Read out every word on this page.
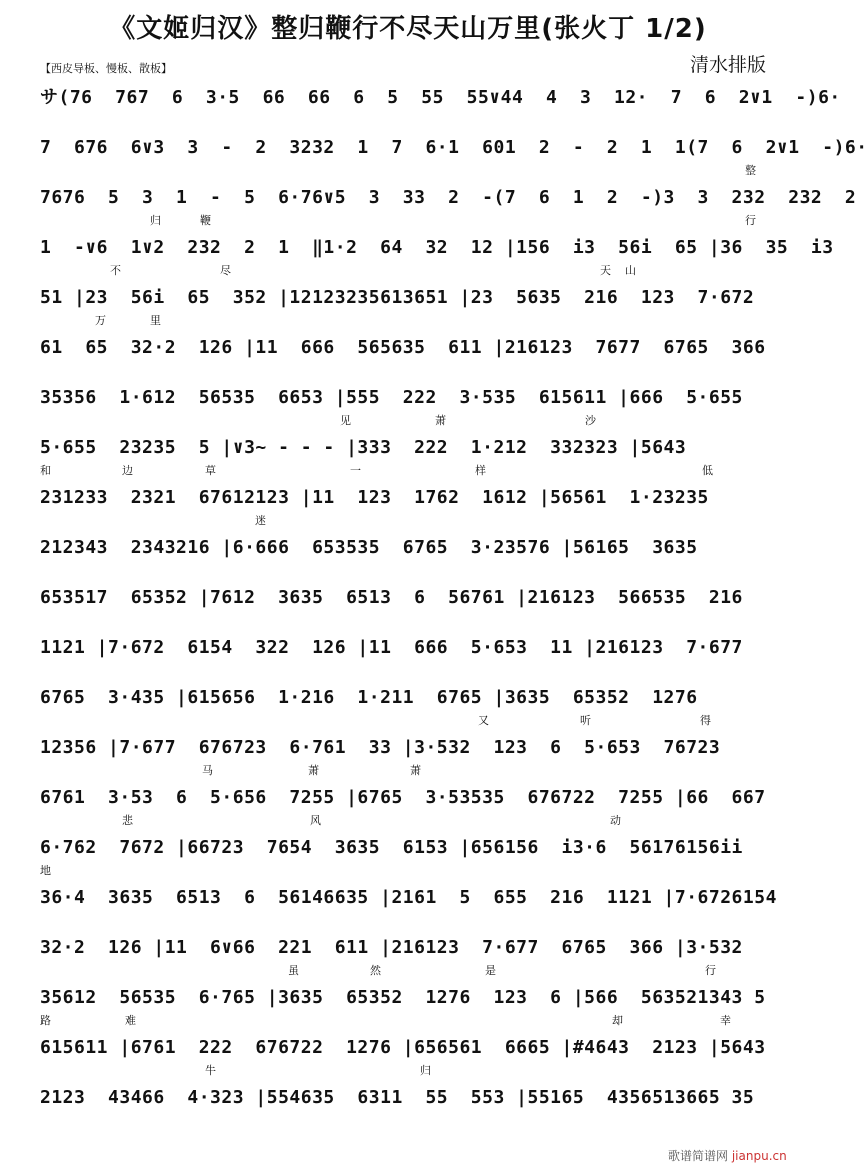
《文姬归汉》整归鞭行不尽天山万里(张火丁 1/2)
清水排版
【西皮导板、慢板、散板】
サ(76  767  6  3·5  66  66  6  5  55  55∨44  4  3  12·  7  6  2∨1  -)6·
7  676  6∨3  3  -  2  3232  1  7  6·1  601  2  -  2  1  1(7  6  2∨1  -)6·
整
7676  5  3  1  -  5  6·76∨5  3  33  2  -(7  6  1  2  -)3  3  232  232  2
归	鞭	行
1  -∨6  1∨2  232  2  1  ‖1·2  64  32  12 |156  i3  56i  65 |36  35  i3
不	尽	天 山
51 |23  56i  65  352 |12123235613651 |23  5635  216  123  7·672
万	里
61  65  32·2  126 |11  666  565635  611 |216123  7677  6765  366
35356  1·612  56535  6653 |555  222  3·535  615611 |666  5·655
见	萧	沙
5·655  23235  5 |∨3~ - - - |333  222  1·212  332323 |5643
和	边	草	一	样	低
231233  2321  67612123 |11  123  1762  1612 |56561  1·23235
迷
212343  2343216 |6·666  653535  6765  3·23576 |56165  3635
653517  65352 |7612  3635  6513  6  56761 |216123  566535  216
1121 |7·672  6154  322  126 |11  666  5·653  11 |216123  7·677
6765  3·435 |615656  1·216  1·211  6765 |3635  65352  1276
又	听	得
12356 |7·677  676723  6·761  33 |3·532  123  6  5·653  76723
马	萧	萧
6761  3·53  6  5·656  7255 |6765  3·53535  676722  7255 |66  667
悲	风	动
6·762  7672 |66723  7654  3635  6153 |656156  i3·6  56176156ii
地
36·4  3635  6513  6  56146635 |2161  5  655  216  1121 |7·6726154
32·2  126 |11  6∨66  221  611 |216123  7·677  6765  366 |3·532
虽	然	是	行
35612  56535  6·765 |3635  65352  1276  123  6 |566  563521343 5
路	难	却	幸
615611 |6761  222  676722  1276 |656561  6665 |#4643  2123 |5643
牛	归
2123  43466  4·323 |554635  6311  55  553 |55165  4356513665 35
歌谱简谱网 jianpu.cn
